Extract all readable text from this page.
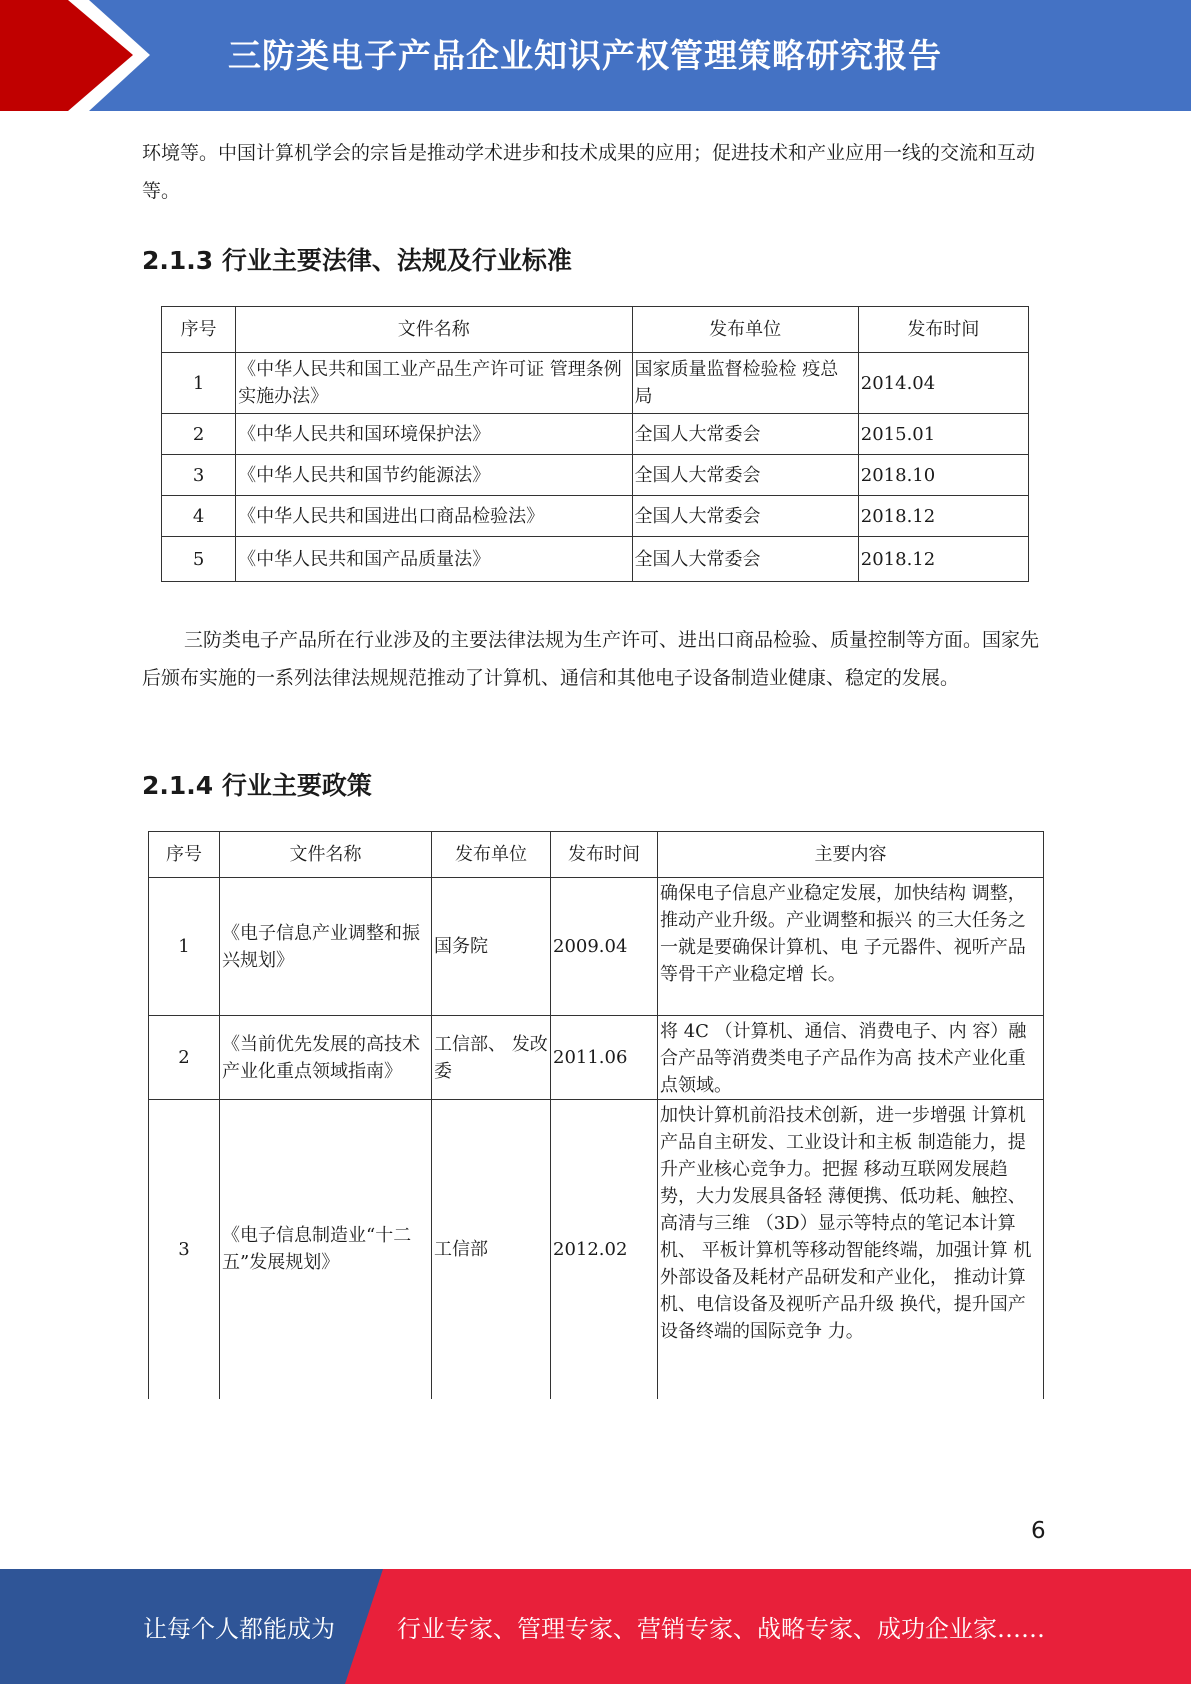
三防类电子产品企业知识产权管理策略研究报告

环境等。中国计算机学会的宗旨是推动学术进步和技术成果的应用；促进技术和产业应用一线的交流和互动等。

2.1.3 行业主要法律、法规及行业标准
序号	文件名称	发布单位	发布时间
1	《中华人民共和国工业产品生产许可证 管理条例实施办法》	国家质量监督检验检 疫总局	2014.04
2	《中华人民共和国环境保护法》	全国人大常委会	2015.01
3	《中华人民共和国节约能源法》	全国人大常委会	2018.10
4	《中华人民共和国进出口商品检验法》	全国人大常委会	2018.12
5	《中华人民共和国产品质量法》	全国人大常委会	2018.12

三防类电子产品所在行业涉及的主要法律法规为生产许可、进出口商品检验、质量控制等方面。国家先后颁布实施的一系列法律法规规范推动了计算机、通信和其他电子设备制造业健康、稳定的发展。

2.1.4 行业主要政策
序号	文件名称	发布单位	发布时间	主要内容
1	《电子信息产业调整和振兴规划》	国务院	2009.04	确保电子信息产业稳定发展，加快结构 调整，推动产业升级。产业调整和振兴 的三大任务之一就是要确保计算机、电 子元器件、视听产品等骨干产业稳定增 长。
2	《当前优先发展的高技术产业化重点领域指南》	工信部、 发改委	2011.06	将 4C （计算机、通信、消费电子、内 容）融合产品等消费类电子产品作为高 技术产业化重点领域。
3	《电子信息制造业“十二五”发展规划》	工信部	2012.02	加快计算机前沿技术创新，进一步增强 计算机产品自主研发、工业设计和主板 制造能力，提升产业核心竞争力。把握 移动互联网发展趋势，大力发展具备轻 薄便携、低功耗、触控、高清与三维 （3D）显示等特点的笔记本计算机、 平板计算机等移动智能终端，加强计算 机外部设备及耗材产品研发和产业化， 推动计算机、电信设备及视听产品升级 换代，提升国产设备终端的国际竞争 力。
6
让每个人都能成为	行业专家、管理专家、营销专家、战略专家、成功企业家……
